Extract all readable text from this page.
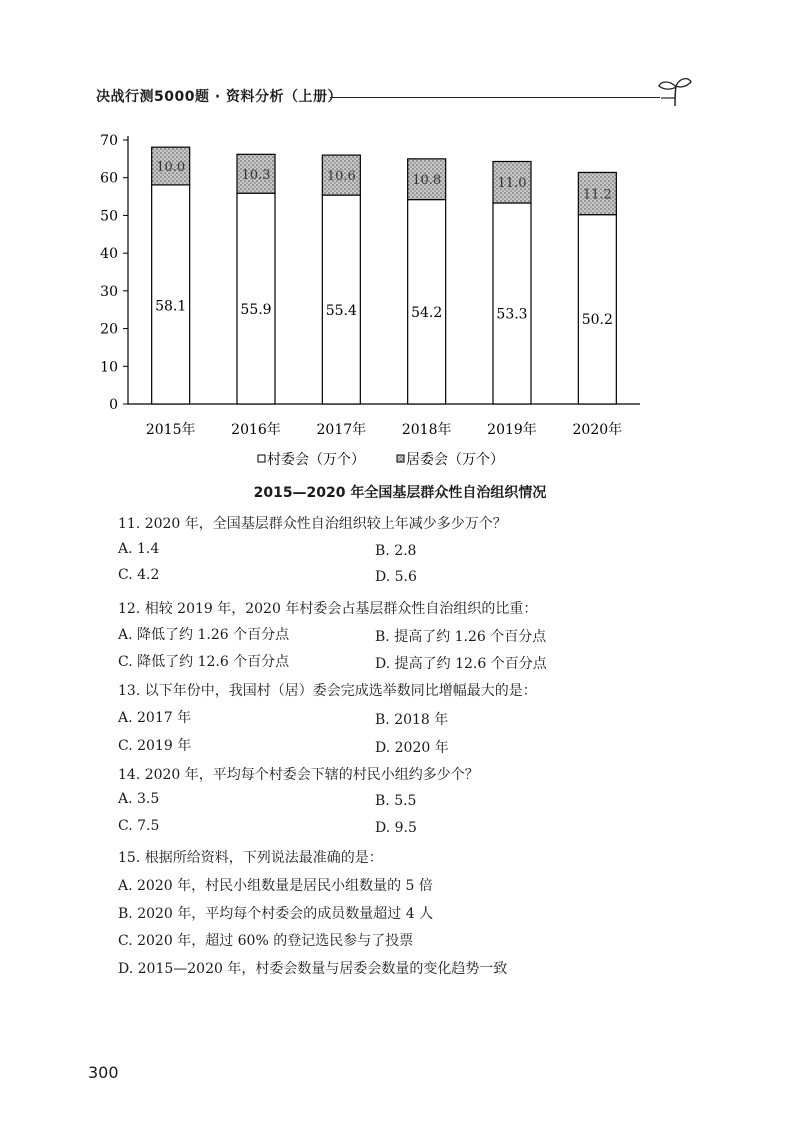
决战行测5000题 · 资料分析（上册）
0
10
20
30
40
50
60
70
58.1
10.0
55.9
10.3
55.4
10.6
54.2
10.8
53.3
11.0
50.2
11.2
2015年	2016年	2017年	2018年	2019年	2020年
村委会（万个）	居委会（万个）
2015—2020 年全国基层群众性自治组织情况
11. 2020 年，全国基层群众性自治组织较上年减少多少万个？
A. 1.4	B. 2.8
C. 4.2	D. 5.6
12. 相较 2019 年，2020 年村委会占基层群众性自治组织的比重：
A. 降低了约 1.26 个百分点	B. 提高了约 1.26 个百分点
C. 降低了约 12.6 个百分点	D. 提高了约 12.6 个百分点
13. 以下年份中，我国村（居）委会完成选举数同比增幅最大的是：
A. 2017 年	B. 2018 年
C. 2019 年	D. 2020 年
14. 2020 年，平均每个村委会下辖的村民小组约多少个？
A. 3.5	B. 5.5
C. 7.5	D. 9.5
15. 根据所给资料，下列说法最准确的是：
A. 2020 年，村民小组数量是居民小组数量的 5 倍
B. 2020 年，平均每个村委会的成员数量超过 4 人
C. 2020 年，超过 60% 的登记选民参与了投票
D. 2015—2020 年，村委会数量与居委会数量的变化趋势一致
300
